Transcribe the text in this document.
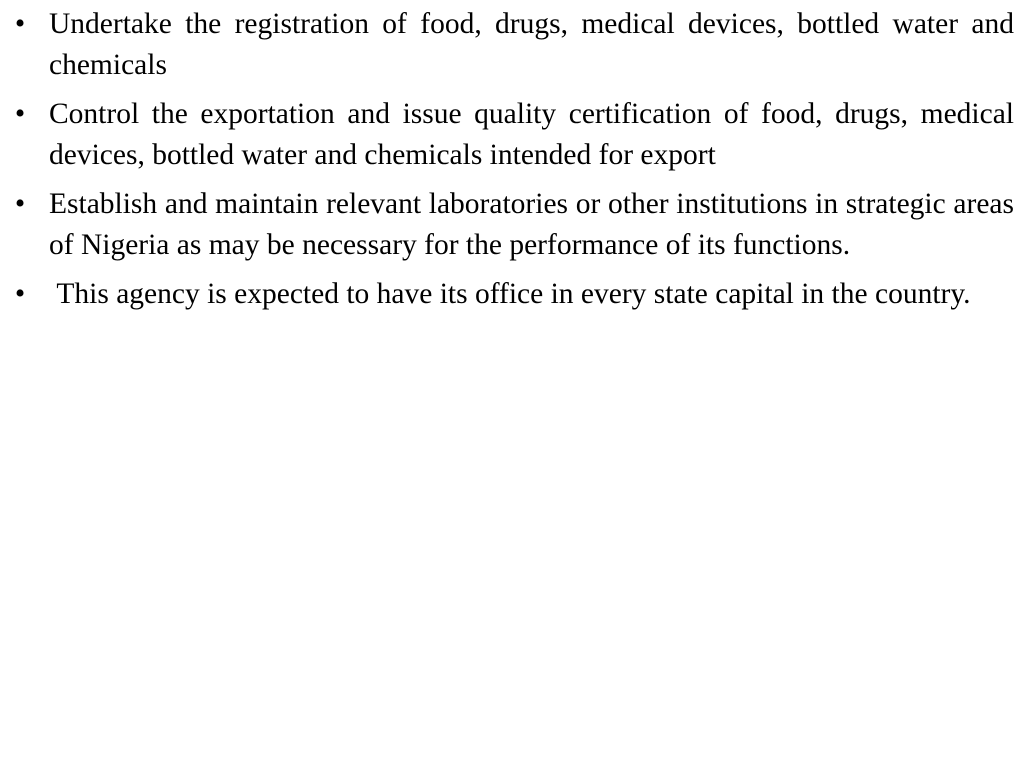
• Undertake the registration of food, drugs, medical devices, bottled water and chemicals
• Control the exportation and issue quality certification of food, drugs, medical devices, bottled water and chemicals intended for export
• Establish and maintain relevant laboratories or other institutions in strategic areas of Nigeria as may be necessary for the performance of its functions.
• This agency is expected to have its office in every state capital in the country.
